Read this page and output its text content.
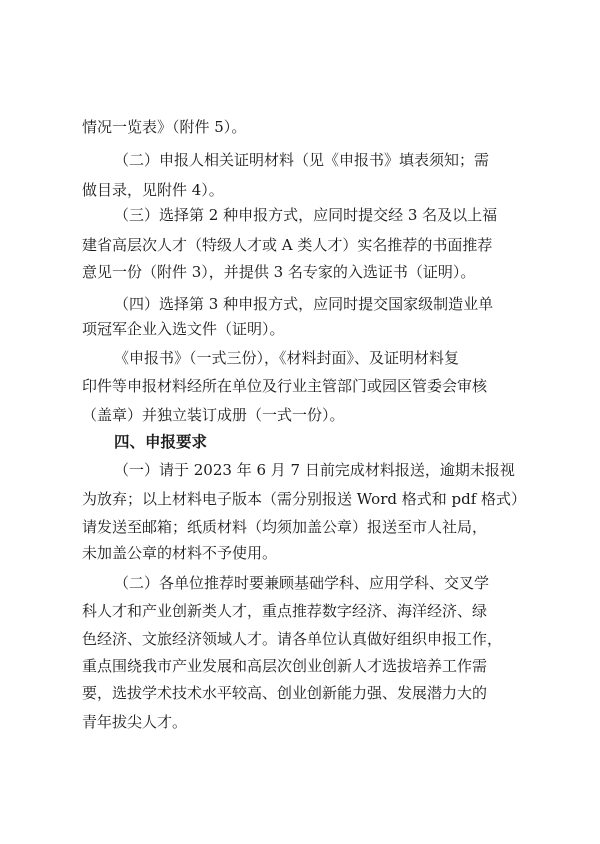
情况一览表》（附件 5）。
（二）申报人相关证明材料（见《申报书》填表须知；需
做目录，见附件 4）。
（三）选择第 2 种申报方式，应同时提交经 3 名及以上福
建省高层次人才（特级人才或 A 类人才）实名推荐的书面推荐
意见一份（附件 3），并提供 3 名专家的入选证书（证明）。
（四）选择第 3 种申报方式，应同时提交国家级制造业单
项冠军企业入选文件（证明）。
《申报书》（一式三份），《材料封面》、及证明材料复
印件等申报材料经所在单位及行业主管部门或园区管委会审核
（盖章）并独立装订成册（一式一份）。
四、申报要求
（一）请于 2023 年 6 月 7 日前完成材料报送，逾期未报视
为放弃；以上材料电子版本（需分别报送 Word 格式和 pdf 格式）
请发送至邮箱；纸质材料（均须加盖公章）报送至市人社局，
未加盖公章的材料不予使用。
（二）各单位推荐时要兼顾基础学科、应用学科、交叉学
科人才和产业创新类人才，重点推荐数字经济、海洋经济、绿
色经济、文旅经济领域人才。请各单位认真做好组织申报工作，
重点围绕我市产业发展和高层次创业创新人才选拔培养工作需
要，选拔学术技术水平较高、创业创新能力强、发展潜力大的
青年拔尖人才。
